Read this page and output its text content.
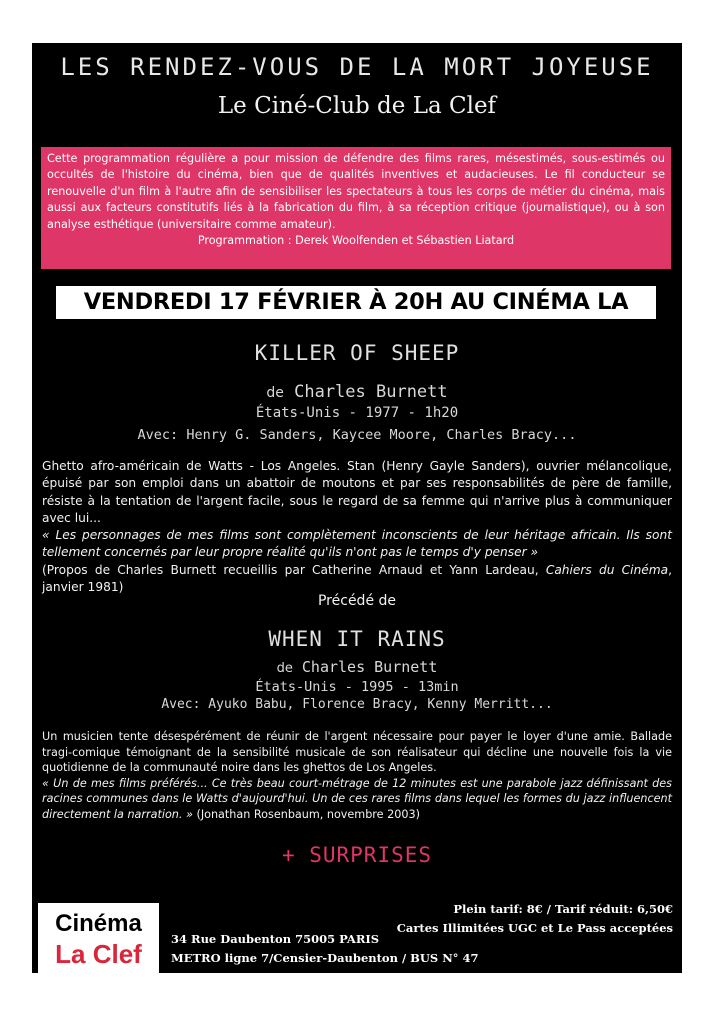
LES RENDEZ-VOUS DE LA MORT JOYEUSE
Le Ciné-Club de La Clef

Cette programmation régulière a pour mission de défendre des films rares, mésestimés, sous-estimés ou occultés de l'histoire du cinéma, bien que de qualités inventives et audacieuses. Le fil conducteur se renouvelle d'un film à l'autre afin de sensibiliser les spectateurs à tous les corps de métier du cinéma, mais aussi aux facteurs constitutifs liés à la fabrication du film, à sa réception critique (journalistique), ou à son analyse esthétique (universitaire comme amateur).

Programmation : Derek Woolfenden et Sébastien Liatard

VENDREDI 17 FÉVRIER À 20H AU CINÉMA LA CLEF
KILLER OF SHEEP
de Charles Burnett
États-Unis - 1977 - 1h20
Avec: Henry G. Sanders, Kaycee Moore, Charles Bracy...

Ghetto afro-américain de Watts - Los Angeles. Stan (Henry Gayle Sanders), ouvrier mélancolique, épuisé par son emploi dans un abattoir de moutons et par ses responsabilités de père de famille, résiste à la tentation de l'argent facile, sous le regard de sa femme qui n'arrive plus à communiquer avec lui...

« Les personnages de mes films sont complètement inconscients de leur héritage africain. Ils sont tellement concernés par leur propre réalité qu'ils n'ont pas le temps d'y penser »

(Propos de Charles Burnett recueillis par Catherine Arnaud et Yann Lardeau, Cahiers du Cinéma, janvier 1981)

Précédé de
WHEN IT RAINS
de Charles Burnett
États-Unis - 1995 - 13min
Avec: Ayuko Babu, Florence Bracy, Kenny Merritt...

Un musicien tente désespérément de réunir de l'argent nécessaire pour payer le loyer d'une amie. Ballade tragi-comique témoignant de la sensibilité musicale de son réalisateur qui décline une nouvelle fois la vie quotidienne de la communauté noire dans les ghettos de Los Angeles.

« Un de mes films préférés... Ce très beau court-métrage de 12 minutes est une parabole jazz définissant des racines communes dans le Watts d'aujourd'hui. Un de ces rares films dans lequel les formes du jazz influencent directement la narration. » (Jonathan Rosenbaum, novembre 2003)

+ SURPRISES
Plein tarif: 8€ / Tarif réduit: 6,50€
Cartes Illimitées UGC et Le Pass acceptées
Cinéma
La Clef	34 Rue Daubenton 75005 PARIS
METRO ligne 7/Censier-Daubenton / BUS N° 47
